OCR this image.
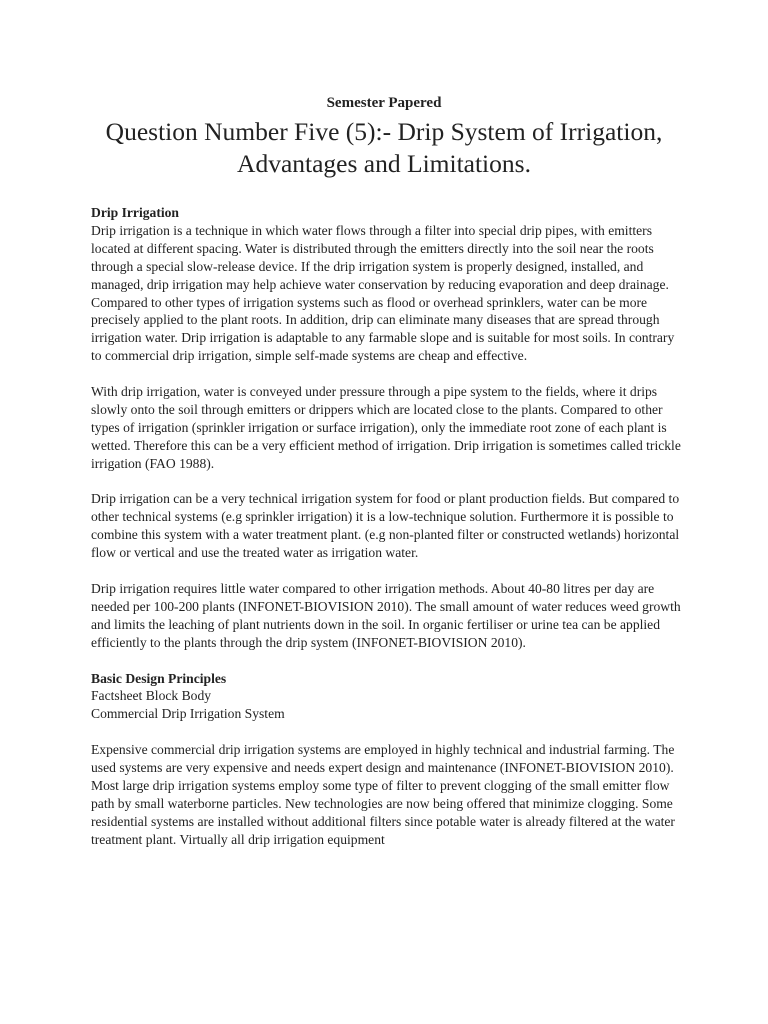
Semester Papered
Question Number Five (5):- Drip System of Irrigation, Advantages and Limitations.

Drip Irrigation

Drip irrigation is a technique in which water flows through a filter into special drip pipes, with emitters located at different spacing. Water is distributed through the emitters directly into the soil near the roots through a special slow-release device. If the drip irrigation system is properly designed, installed, and managed, drip irrigation may help achieve water conservation by reducing evaporation and deep drainage. Compared to other types of irrigation systems such as flood or overhead sprinklers, water can be more precisely applied to the plant roots. In addition, drip can eliminate many diseases that are spread through irrigation water. Drip irrigation is adaptable to any farmable slope and is suitable for most soils. In contrary to commercial drip irrigation, simple self-made systems are cheap and effective.

With drip irrigation, water is conveyed under pressure through a pipe system to the fields, where it drips slowly onto the soil through emitters or drippers which are located close to the plants. Compared to other types of irrigation (sprinkler irrigation or surface irrigation), only the immediate root zone of each plant is wetted. Therefore this can be a very efficient method of irrigation. Drip irrigation is sometimes called trickle irrigation (FAO 1988).

Drip irrigation can be a very technical irrigation system for food or plant production fields. But compared to other technical systems (e.g sprinkler irrigation) it is a low-technique solution. Furthermore it is possible to combine this system with a water treatment plant. (e.g non-planted filter or constructed wetlands) horizontal flow or vertical and use the treated water as irrigation water.

Drip irrigation requires little water compared to other irrigation methods. About 40-80 litres per day are needed per 100-200 plants (INFONET-BIOVISION 2010). The small amount of water reduces weed growth and limits the leaching of plant nutrients down in the soil. In organic fertiliser or urine tea can be applied efficiently to the plants through the drip system (INFONET-BIOVISION 2010).

Basic Design Principles

Factsheet Block Body

Commercial Drip Irrigation System

Expensive commercial drip irrigation systems are employed in highly technical and industrial farming. The used systems are very expensive and needs expert design and maintenance (INFONET-BIOVISION 2010).

Most large drip irrigation systems employ some type of filter to prevent clogging of the small emitter flow path by small waterborne particles. New technologies are now being offered that minimize clogging. Some residential systems are installed without additional filters since potable water is already filtered at the water treatment plant. Virtually all drip irrigation equipment
